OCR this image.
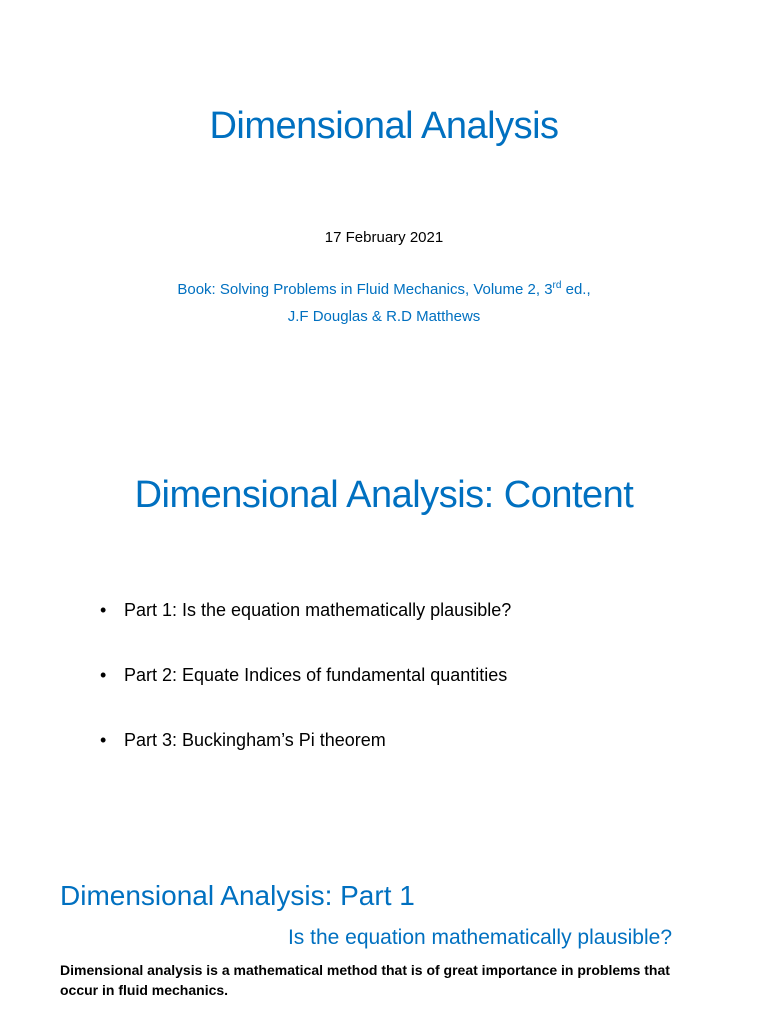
Dimensional Analysis
17 February 2021
Book: Solving Problems in Fluid Mechanics, Volume 2, 3rd ed.,
J.F Douglas & R.D Matthews
Dimensional Analysis: Content
• Part 1: Is the equation mathematically plausible?
• Part 2: Equate Indices of fundamental quantities
• Part 3: Buckingham’s Pi theorem
Dimensional Analysis: Part 1
Is the equation mathematically plausible?
Dimensional analysis is a mathematical method that is of great importance in problems that occur in fluid mechanics.
